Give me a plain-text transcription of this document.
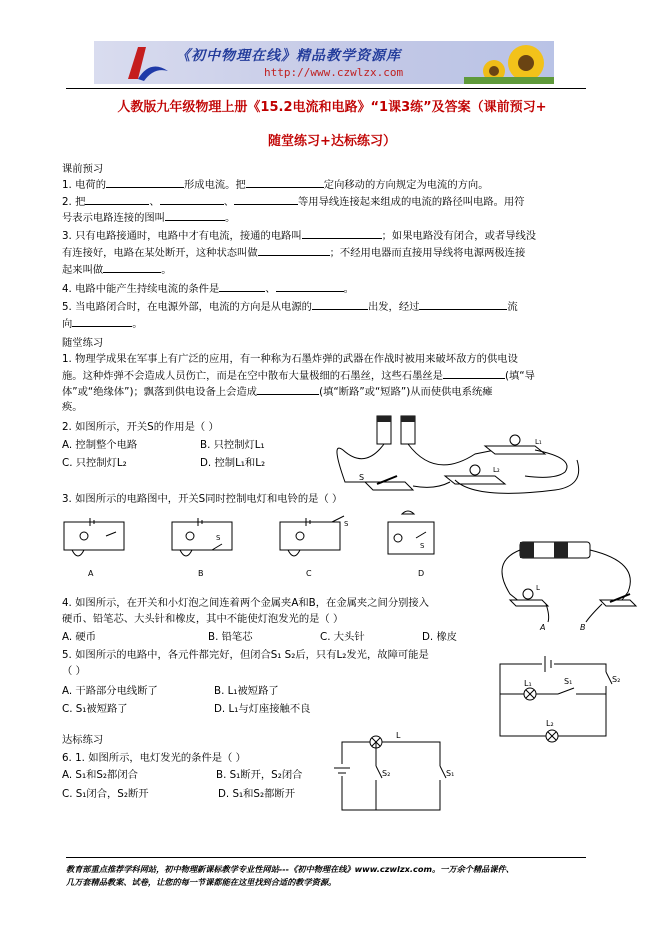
《初中物理在线》精品教学资源库
http://www.czwlzx.com
人教版九年级物理上册《15.2电流和电路》“1课3练”及答案（课前预习+
随堂练习+达标练习）
课前预习
1. 电荷的	形成电流。把	定向移动的方向规定为电流的方向。
2. 把	、	、	等用导线连接起来组成的电流的路径叫电路。用符
号表示电路连接的图叫	。
3. 只有电路接通时，电路中才有电流，接通的电路叫	；如果电路没有闭合，或者导线没
有连接好，电路在某处断开，这种状态叫做	；不经用电器而直接用导线将电源两极连接
起来叫做	。
4. 电路中能产生持续电流的条件是	、	。
5. 当电路闭合时，在电源外部，电流的方向是从电源的	出发，经过	流
向	。
随堂练习
1. 物理学成果在军事上有广泛的应用，有一种称为石墨炸弹的武器在作战时被用来破坏敌方的供电设
施。这种炸弹不会造成人员伤亡，而是在空中散布大量极细的石墨丝，这些石墨丝是	(填“导
体”或“绝缘体”)；飘落到供电设备上会造成	(填“断路”或“短路”)从而使供电系统瘫
痪。
2. 如图所示，开关S的作用是（ ）
A. 控制整个电路	B. 只控制灯L₁
C. 只控制灯L₂	D. 控制L₁和L₂
L₁
L₂
S
3. 如图所示的电路图中，开关S同时控制电灯和电铃的是（ ）
A
S
B
S
C
S
D
L
A	B
4. 如图所示，在开关和小灯泡之间连着两个金属夹A和B，在金属夹之间分别接入
硬币、铅笔芯、大头针和橡皮，其中不能使灯泡发光的是（ ）
A. 硬币	B. 铅笔芯	C. 大头针	D. 橡皮
5. 如图所示的电路中，各元件都完好，但闭合S₁ S₂后，只有L₂发光，故障可能是
（ ）
A. 干路部分电线断了	B. L₁被短路了
C. S₁被短路了	D. L₁与灯座接触不良
L₁	S₁	S₂
L₂
达标练习
6. 1. 如图所示，电灯发光的条件是（ ）
A. S₁和S₂都闭合	B. S₁断开，S₂闭合
C. S₁闭合，S₂断开	D. S₁和S₂都断开
L
S₂	S₁
教育部重点推荐学科网站，初中物理新课标教学专业性网站---《初中物理在线》www.czwlzx.com。一万余个精品课件、
几万套精品教案、试卷，让您的每一节课都能在这里找到合适的教学资源。
